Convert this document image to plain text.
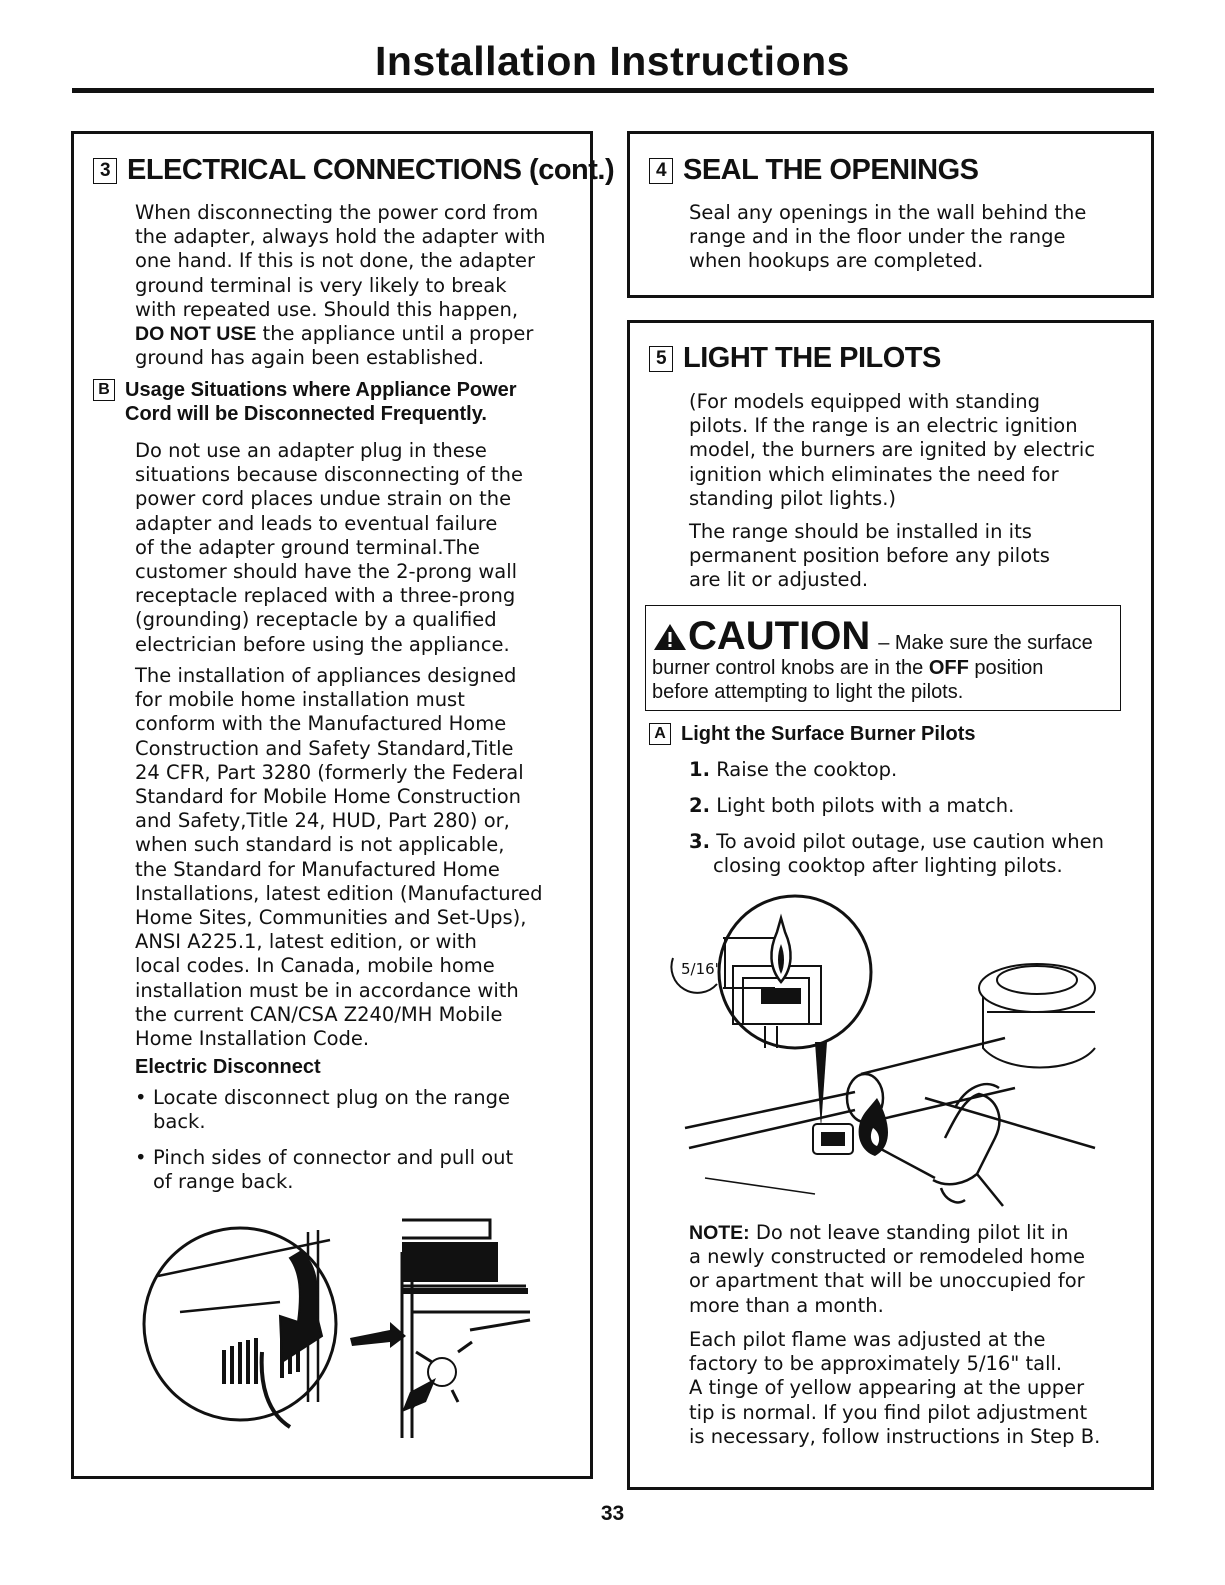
Installation Instructions
3 ELECTRICAL CONNECTIONS (cont.)
When disconnecting the power cord from
the adapter, always hold the adapter with
one hand. If this is not done, the adapter
ground terminal is very likely to break
with repeated use. Should this happen,
DO NOT USE the appliance until a proper
ground has again been established.
B Usage Situations where Appliance Power
Cord will be Disconnected Frequently.
Do not use an adapter plug in these
situations because disconnecting of the
power cord places undue strain on the
adapter and leads to eventual failure
of the adapter ground terminal.The
customer should have the 2-prong wall
receptacle replaced with a three-prong
(grounding) receptacle by a qualified
electrician before using the appliance.
The installation of appliances designed
for mobile home installation must
conform with the Manufactured Home
Construction and Safety Standard,Title
24 CFR, Part 3280 (formerly the Federal
Standard for Mobile Home Construction
and Safety,Title 24, HUD, Part 280) or,
when such standard is not applicable,
the Standard for Manufactured Home
Installations, latest edition (Manufactured
Home Sites, Communities and Set-Ups),
ANSI A225.1, latest edition, or with
local codes. In Canada, mobile home
installation must be in accordance with
the current CAN/CSA Z240/MH Mobile
Home Installation Code.
Electric Disconnect
• Locate disconnect plug on the range
back.
• Pinch sides of connector and pull out
of range back.
4 SEAL THE OPENINGS
Seal any openings in the wall behind the
range and in the floor under the range
when hookups are completed.
5 LIGHT THE PILOTS
(For models equipped with standing
pilots. If the range is an electric ignition
model, the burners are ignited by electric
ignition which eliminates the need for
standing pilot lights.)
The range should be installed in its
permanent position before any pilots
are lit or adjusted.
CAUTION – Make sure the surface
burner control knobs are in the OFF position
before attempting to light the pilots.
A Light the Surface Burner Pilots
1. Raise the cooktop.
2. Light both pilots with a match.
3. To avoid pilot outage, use caution when
closing cooktop after lighting pilots.
5/16"
NOTE: Do not leave standing pilot lit in
a newly constructed or remodeled home
or apartment that will be unoccupied for
more than a month.
Each pilot flame was adjusted at the
factory to be approximately 5/16" tall.
A tinge of yellow appearing at the upper
tip is normal. If you find pilot adjustment
is necessary, follow instructions in Step B.
33
